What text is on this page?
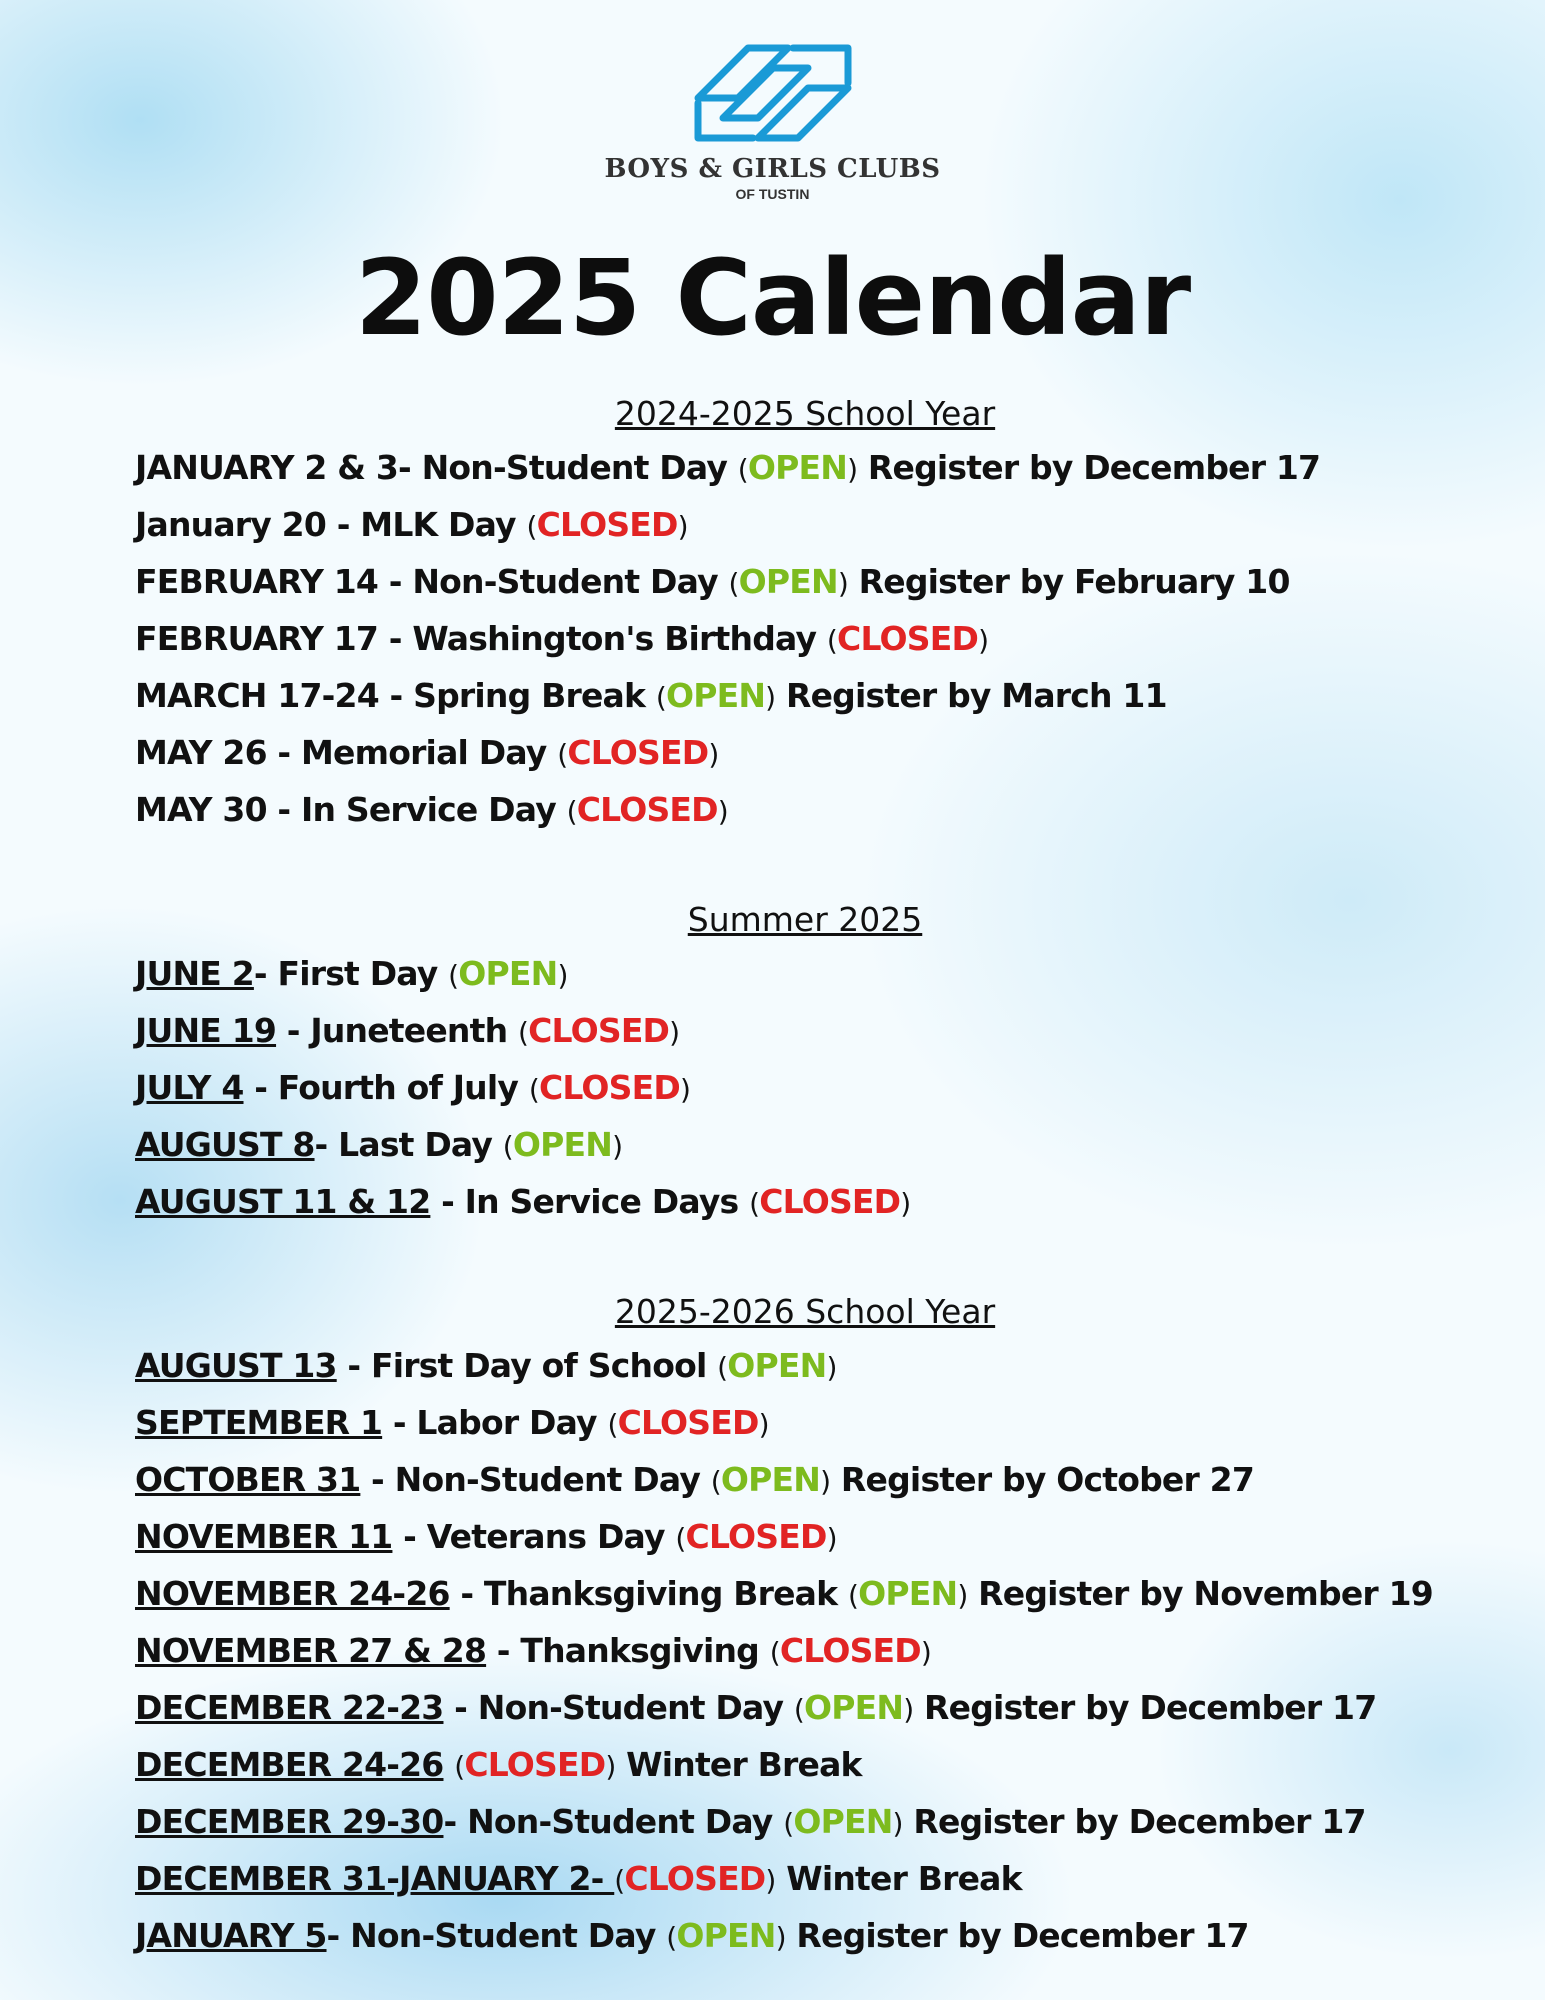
BOYS & GIRLS CLUBS
OF TUSTIN
2025 Calendar
2024-2025 School Year
JANUARY 2 & 3- Non-Student Day (OPEN) Register by December 17
January 20 - MLK Day (CLOSED)
FEBRUARY 14 - Non-Student Day (OPEN) Register by February 10
FEBRUARY 17 - Washington's Birthday (CLOSED)
MARCH 17-24 - Spring Break (OPEN) Register by March 11
MAY 26 - Memorial Day (CLOSED)
MAY 30 - In Service Day (CLOSED)
Summer 2025
JUNE 2- First Day (OPEN)
JUNE 19 - Juneteenth (CLOSED)
JULY 4 - Fourth of July (CLOSED)
AUGUST 8- Last Day (OPEN)
AUGUST 11 & 12 - In Service Days (CLOSED)
2025-2026 School Year
AUGUST 13 - First Day of School (OPEN)
SEPTEMBER 1 - Labor Day (CLOSED)
OCTOBER 31 - Non-Student Day (OPEN) Register by October 27
NOVEMBER 11 - Veterans Day (CLOSED)
NOVEMBER 24-26 - Thanksgiving Break (OPEN) Register by November 19
NOVEMBER 27 & 28 - Thanksgiving (CLOSED)
DECEMBER 22-23 - Non-Student Day (OPEN) Register by December 17
DECEMBER 24-26 (CLOSED) Winter Break
DECEMBER 29-30- Non-Student Day (OPEN) Register by December 17
DECEMBER 31-JANUARY 2- (CLOSED) Winter Break
JANUARY 5- Non-Student Day (OPEN) Register by December 17
